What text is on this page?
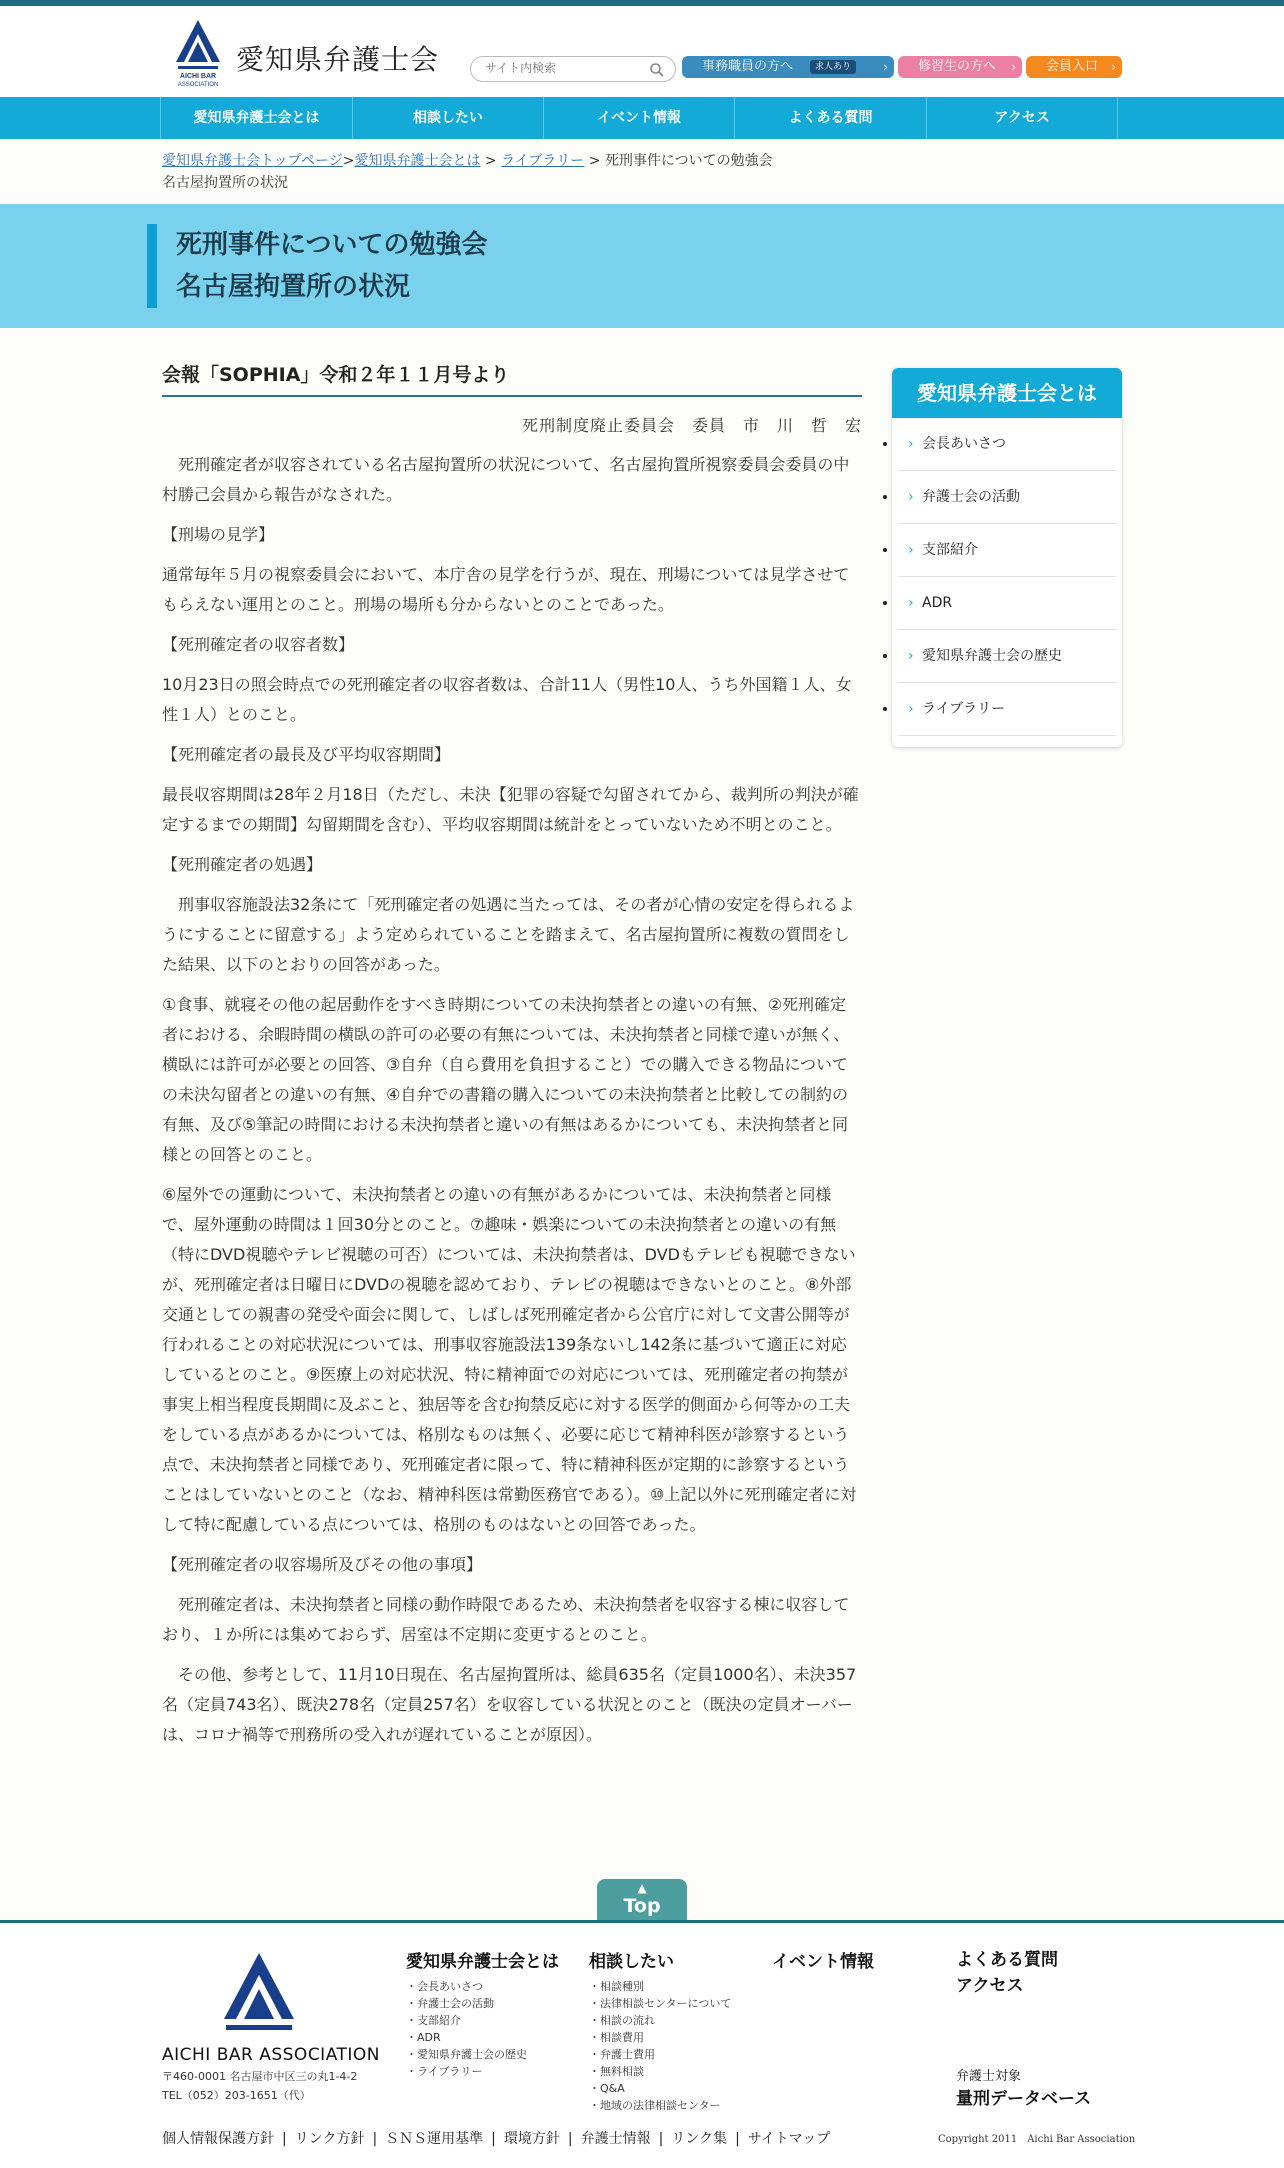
AICHI BAR
ASSOCIATION
愛知県弁護士会
サイト内検索	事務職員の方へ	求人あり	›	修習生の方へ ›	会員入口 ›
愛知県弁護士会とは	相談したい	イベント情報	よくある質問	アクセス
愛知県弁護士会トップページ>愛知県弁護士会とは > ライブラリー > 死刑事件についての勉強会
名古屋拘置所の状況
死刑事件についての勉強会
名古屋拘置所の状況
会報「SOPHIA」令和２年１１月号より
死刑制度廃止委員会　委員　市　川　哲　宏

　死刑確定者が収容されている名古屋拘置所の状況について、名古屋拘置所視察委員会委員の中村勝己会員から報告がなされた。

【刑場の見学】

通常毎年５月の視察委員会において、本庁舎の見学を行うが、現在、刑場については見学させてもらえない運用とのこと。刑場の場所も分からないとのことであった。

【死刑確定者の収容者数】

10月23日の照会時点での死刑確定者の収容者数は、合計11人（男性10人、うち外国籍１人、女性１人）とのこと。

【死刑確定者の最長及び平均収容期間】

最長収容期間は28年２月18日（ただし、未決【犯罪の容疑で勾留されてから、裁判所の判決が確定するまでの期間】勾留期間を含む）、平均収容期間は統計をとっていないため不明とのこと。

【死刑確定者の処遇】

　刑事収容施設法32条にて「死刑確定者の処遇に当たっては、その者が心情の安定を得られるようにすることに留意する」よう定められていることを踏まえて、名古屋拘置所に複数の質問をした結果、以下のとおりの回答があった。

①食事、就寝その他の起居動作をすべき時期についての未決拘禁者との違いの有無、②死刑確定者における、余暇時間の横臥の許可の必要の有無については、未決拘禁者と同様で違いが無く、横臥には許可が必要との回答、③自弁（自ら費用を負担すること）での購入できる物品についての未決勾留者との違いの有無、④自弁での書籍の購入についての未決拘禁者と比較しての制約の有無、及び⑤筆記の時間における未決拘禁者と違いの有無はあるかについても、未決拘禁者と同様との回答とのこと。

⑥屋外での運動について、未決拘禁者との違いの有無があるかについては、未決拘禁者と同様で、屋外運動の時間は１回30分とのこと。⑦趣味・娯楽についての未決拘禁者との違いの有無（特にDVD視聴やテレビ視聴の可否）については、未決拘禁者は、DVDもテレビも視聴できないが、死刑確定者は日曜日にDVDの視聴を認めており、テレビの視聴はできないとのこと。⑧外部交通としての親書の発受や面会に関して、しばしば死刑確定者から公官庁に対して文書公開等が行われることの対応状況については、刑事収容施設法139条ないし142条に基づいて適正に対応しているとのこと。⑨医療上の対応状況、特に精神面での対応については、死刑確定者の拘禁が事実上相当程度長期間に及ぶこと、独居等を含む拘禁反応に対する医学的側面から何等かの工夫をしている点があるかについては、格別なものは無く、必要に応じて精神科医が診察するという点で、未決拘禁者と同様であり、死刑確定者に限って、特に精神科医が定期的に診察するということはしていないとのこと（なお、精神科医は常勤医務官である）。⑩上記以外に死刑確定者に対して特に配慮している点については、格別のものはないとの回答であった。

【死刑確定者の収容場所及びその他の事項】

　死刑確定者は、未決拘禁者と同様の動作時限であるため、未決拘禁者を収容する棟に収容しており、１か所には集めておらず、居室は不定期に変更するとのこと。

　その他、参考として、11月10日現在、名古屋拘置所は、総員635名（定員1000名）、未決357名（定員743名）、既決278名（定員257名）を収容している状況とのこと（既決の定員オーバーは、コロナ禍等で刑務所の受入れが遅れていることが原因）。

愛知県弁護士会とは
• › 会長あいさつ
• › 弁護士会の活動
• › 支部紹介
• › ADR
• › 愛知県弁護士会の歴史
• › ライブラリー
▲
Top
AICHI BAR ASSOCIATION
〒460-0001 名古屋市中区三の丸1-4-2
TEL（052）203-1651（代）
愛知県弁護士会とは
・ 会長あいさつ
・ 弁護士会の活動
・ 支部紹介
・ ADR
・ 愛知県弁護士会の歴史
・ ライブラリー
相談したい
・ 相談種別
・ 法律相談センターについて
・ 相談の流れ
・ 相談費用
・ 弁護士費用
・ 無料相談
・ Q&A
・ 地域の法律相談センター
イベント情報	よくある質問
アクセス
弁護士対象
量刑データベース
個人情報保護方針 | リンク方針 | ＳＮＳ運用基準 | 環境方針 | 弁護士情報 | リンク集 | サイトマップ	Copyright 2011　Aichi Bar Association
